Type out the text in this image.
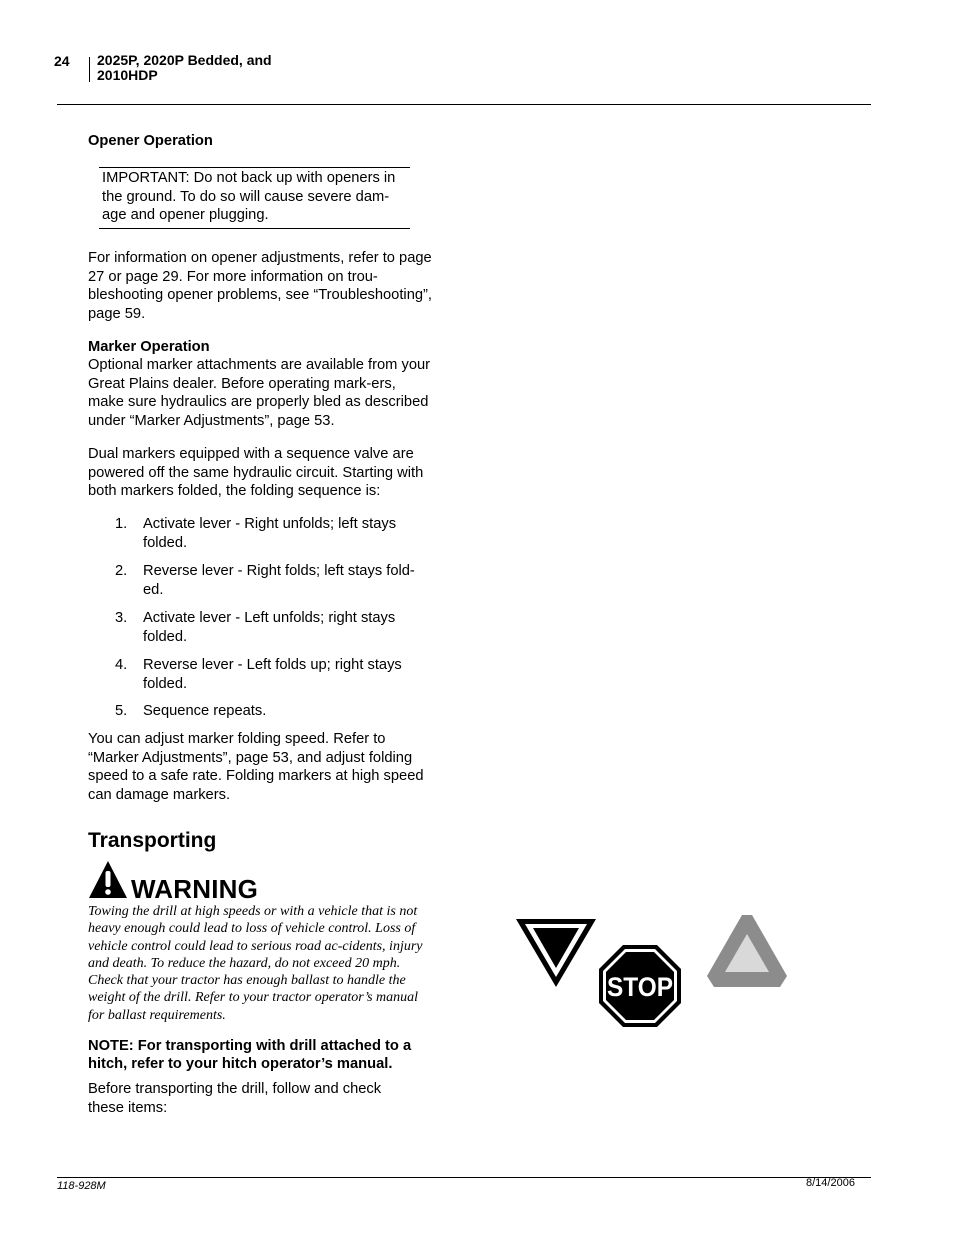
24 2025P, 2020P Bedded, and
2010HDP
Opener Operation
IMPORTANT: Do not back up with openers in the ground. To do so will cause severe dam-age and opener plugging.
For information on opener adjustments, refer to page 27 or page 29. For more information on trou-bleshooting opener problems, see “Troubleshooting”, page 59.
Marker Operation
Optional marker attachments are available from your Great Plains dealer. Before operating mark-ers, make sure hydraulics are properly bled as described under “Marker Adjustments”, page 53.
Dual markers equipped with a sequence valve are powered off the same hydraulic circuit. Starting with both markers folded, the folding sequence is:
1. Activate lever - Right unfolds; left stays folded.
2. Reverse lever - Right folds; left stays fold-ed.
3. Activate lever - Left unfolds; right stays folded.
4. Reverse lever - Left folds up; right stays folded.
5. Sequence repeats.
You can adjust marker folding speed. Refer to “Marker Adjustments”, page 53, and adjust folding speed to a safe rate. Folding markers at high speed can damage markers.
Transporting
WARNING
Towing the drill at high speeds or with a vehicle that is not heavy enough could lead to loss of vehicle control. Loss of vehicle control could lead to serious road ac-cidents, injury and death. To reduce the hazard, do not exceed 20 mph. Check that your tractor has enough ballast to handle the weight of the drill. Refer to your tractor operator’s manual for ballast requirements.
NOTE: For transporting with drill attached to a hitch, refer to your hitch operator’s manual.
Before transporting the drill, follow and check these items:
STOP
118-928M	8/14/2006
